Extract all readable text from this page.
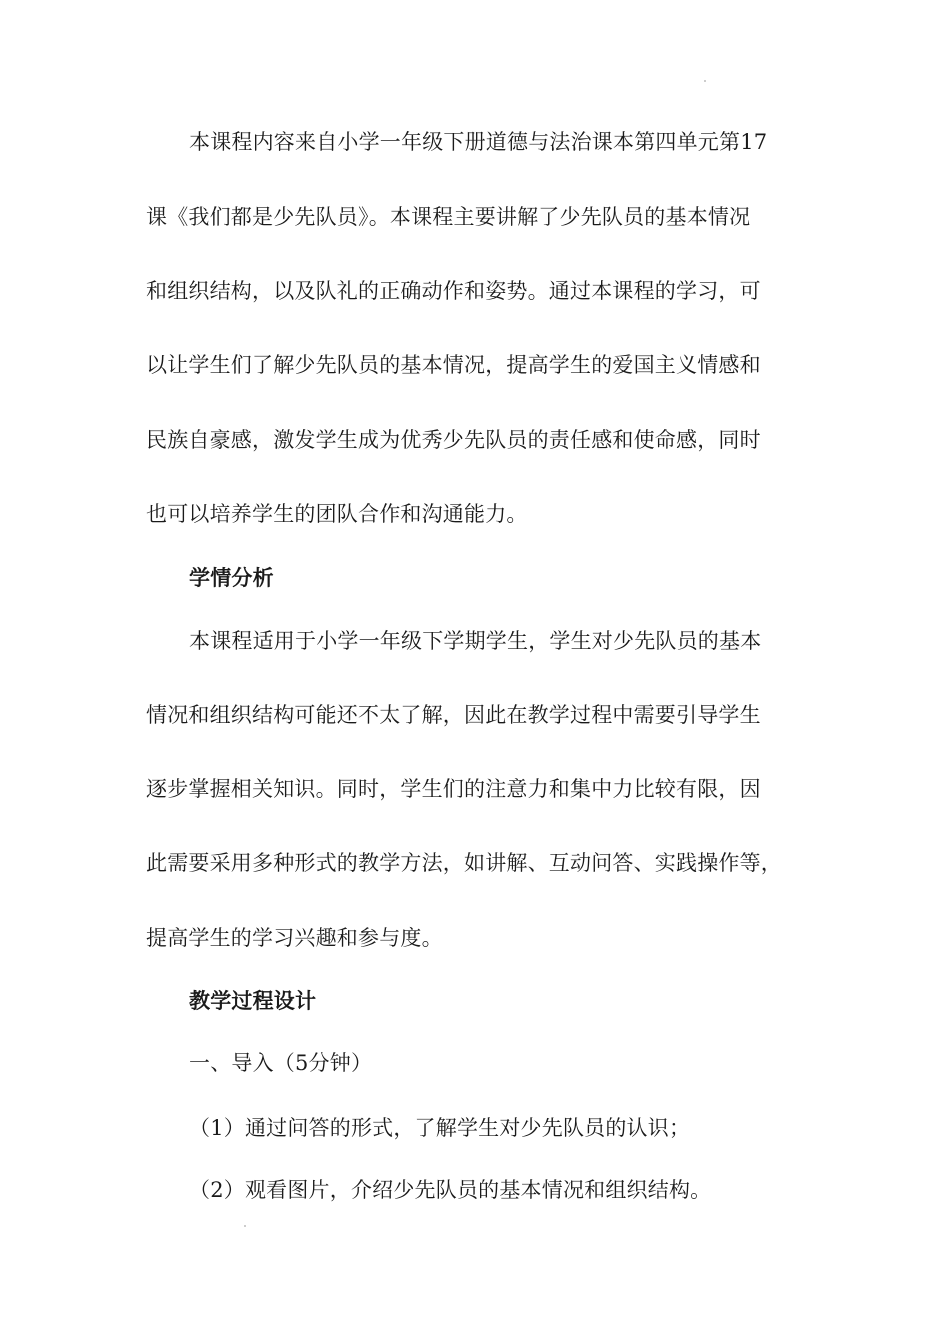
本课程内容来自小学一年级下册道德与法治课本第四单元第17
课《我们都是少先队员》。本课程主要讲解了少先队员的基本情况
和组织结构，以及队礼的正确动作和姿势。通过本课程的学习，可
以让学生们了解少先队员的基本情况，提高学生的爱国主义情感和
民族自豪感，激发学生成为优秀少先队员的责任感和使命感，同时
也可以培养学生的团队合作和沟通能力。
学情分析
本课程适用于小学一年级下学期学生，学生对少先队员的基本
情况和组织结构可能还不太了解，因此在教学过程中需要引导学生
逐步掌握相关知识。同时，学生们的注意力和集中力比较有限，因
此需要采用多种形式的教学方法，如讲解、互动问答、实践操作等，
提高学生的学习兴趣和参与度。
教学过程设计
一、导入（5分钟）
（1）通过问答的形式，了解学生对少先队员的认识；
（2）观看图片，介绍少先队员的基本情况和组织结构。
